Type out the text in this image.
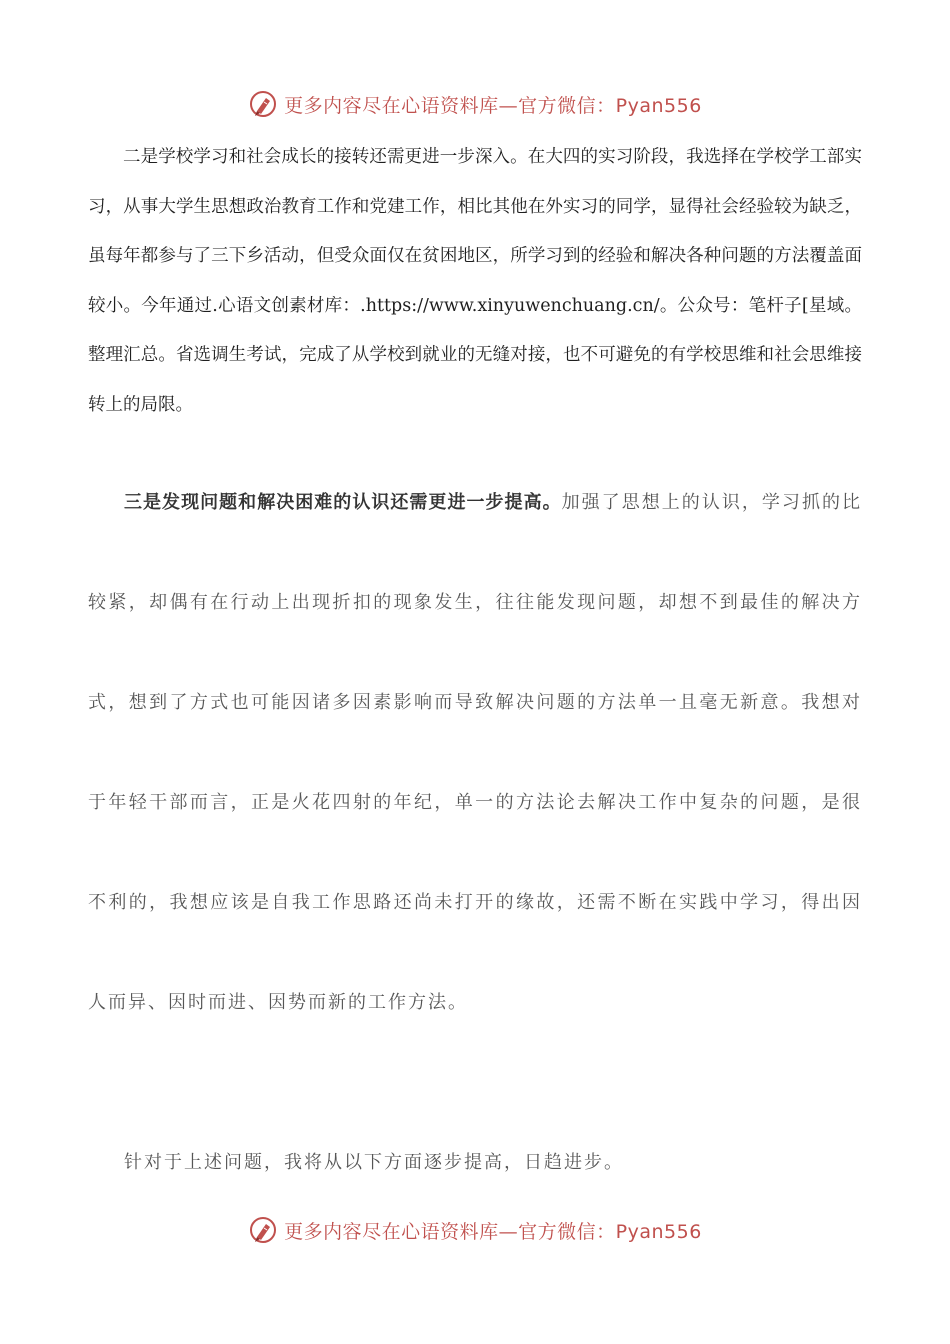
更多内容尽在心语资料库—官方微信：Pyan556

二是学校学习和社会成长的接转还需更进一步深入。在大四的实习阶段，我选择在学校学工部实习，从事大学生思想政治教育工作和党建工作，相比其他在外实习的同学，显得社会经验较为缺乏，虽每年都参与了三下乡活动，但受众面仅在贫困地区，所学习到的经验和解决各种问题的方法覆盖面较小。今年通过.心语文创素材库：.https://www.xinyuwenchuang.cn/。公众号：笔杆子[星域。整理汇总。省选调生考试，完成了从学校到就业的无缝对接，也不可避免的有学校思维和社会思维接转上的局限。

三是发现问题和解决困难的认识还需更进一步提高。加强了思想上的认识，学习抓的比较紧，却偶有在行动上出现折扣的现象发生，往往能发现问题，却想不到最佳的解决方式，想到了方式也可能因诸多因素影响而导致解决问题的方法单一且毫无新意。我想对于年轻干部而言，正是火花四射的年纪，单一的方法论去解决工作中复杂的问题，是很不利的，我想应该是自我工作思路还尚未打开的缘故，还需不断在实践中学习，得出因人而异、因时而进、因势而新的工作方法。

针对于上述问题，我将从以下方面逐步提高，日趋进步。

更多内容尽在心语资料库—官方微信：Pyan556
